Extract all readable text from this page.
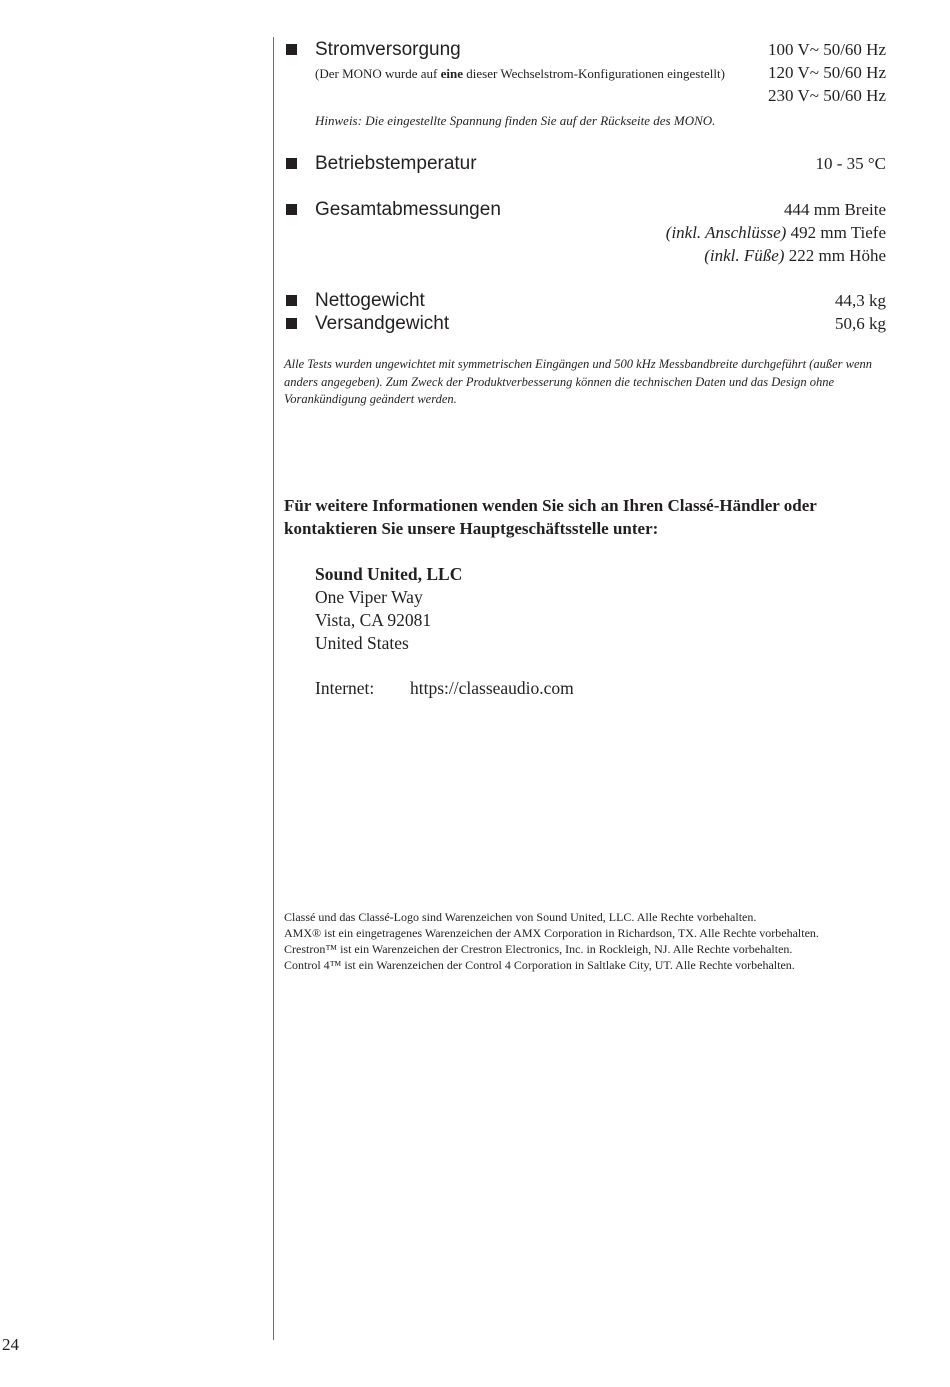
Stromversorgung
(Der MONO wurde auf eine dieser Wechselstrom-Konfigurationen eingestellt)
100 V~ 50/60 Hz
120 V~ 50/60 Hz
230 V~ 50/60 Hz
Hinweis: Die eingestellte Spannung finden Sie auf der Rückseite des MONO.
Betriebstemperatur	10 - 35 °C
Gesamtabmessungen	444 mm Breite
(inkl. Anschlüsse) 492 mm Tiefe
(inkl. Füße) 222 mm Höhe
Nettogewicht	44,3 kg
Versandgewicht	50,6 kg
Alle Tests wurden ungewichtet mit symmetrischen Eingängen und 500 kHz Messbandbreite durchgeführt (außer wenn anders angegeben). Zum Zweck der Produktverbesserung können die technischen Daten und das Design ohne Vorankündigung geändert werden.
Für weitere Informationen wenden Sie sich an Ihren Classé-Händler oder kontaktieren Sie unsere Hauptgeschäftsstelle unter:
Sound United, LLC
One Viper Way
Vista, CA 92081
United States
Internet: https://classeaudio.com
Classé und das Classé-Logo sind Warenzeichen von Sound United, LLC. Alle Rechte vorbehalten.
AMX® ist ein eingetragenes Warenzeichen der AMX Corporation in Richardson, TX. Alle Rechte vorbehalten.
Crestron™ ist ein Warenzeichen der Crestron Electronics, Inc. in Rockleigh, NJ. Alle Rechte vorbehalten.
Control 4™ ist ein Warenzeichen der Control 4 Corporation in Saltlake City, UT. Alle Rechte vorbehalten.
24
